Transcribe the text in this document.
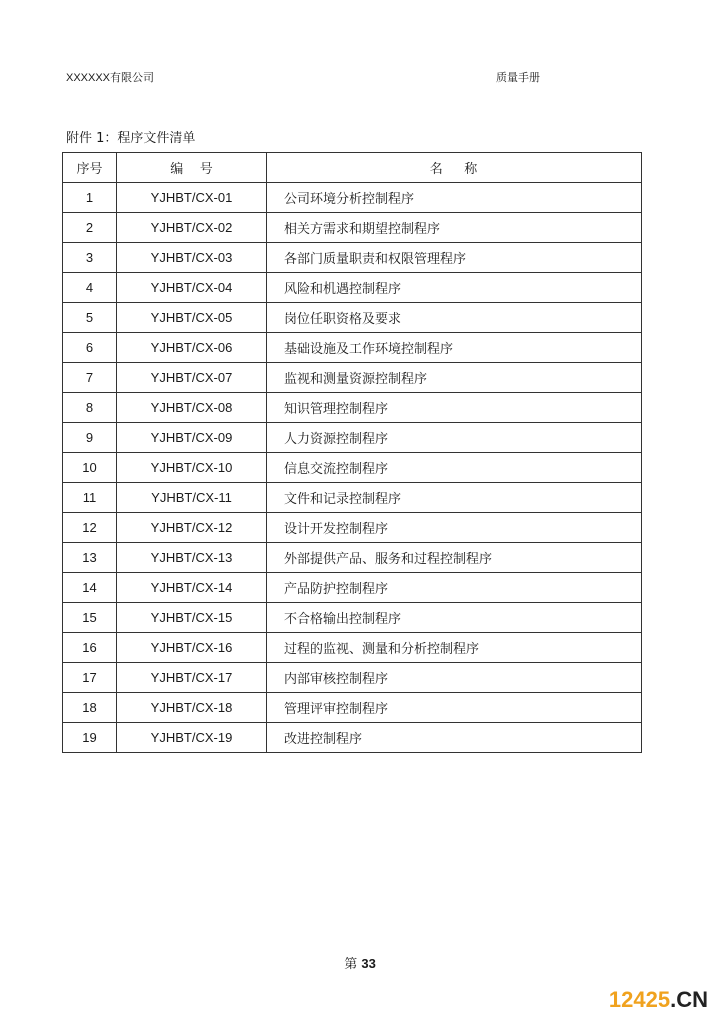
XXXXXX有限公司	质量手册
附件 1：程序文件清单
序号	编    号	名    称
1	YJHBT/CX-01	公司环境分析控制程序
2	YJHBT/CX-02	相关方需求和期望控制程序
3	YJHBT/CX-03	各部门质量职责和权限管理程序
4	YJHBT/CX-04	风险和机遇控制程序
5	YJHBT/CX-05	岗位任职资格及要求
6	YJHBT/CX-06	基础设施及工作环境控制程序
7	YJHBT/CX-07	监视和测量资源控制程序
8	YJHBT/CX-08	知识管理控制程序
9	YJHBT/CX-09	人力资源控制程序
10	YJHBT/CX-10	信息交流控制程序
11	YJHBT/CX-11	文件和记录控制程序
12	YJHBT/CX-12	设计开发控制程序
13	YJHBT/CX-13	外部提供产品、服务和过程控制程序
14	YJHBT/CX-14	产品防护控制程序
15	YJHBT/CX-15	不合格输出控制程序
16	YJHBT/CX-16	过程的监视、测量和分析控制程序
17	YJHBT/CX-17	内部审核控制程序
18	YJHBT/CX-18	管理评审控制程序
19	YJHBT/CX-19	改进控制程序
第 33
12425.CN
